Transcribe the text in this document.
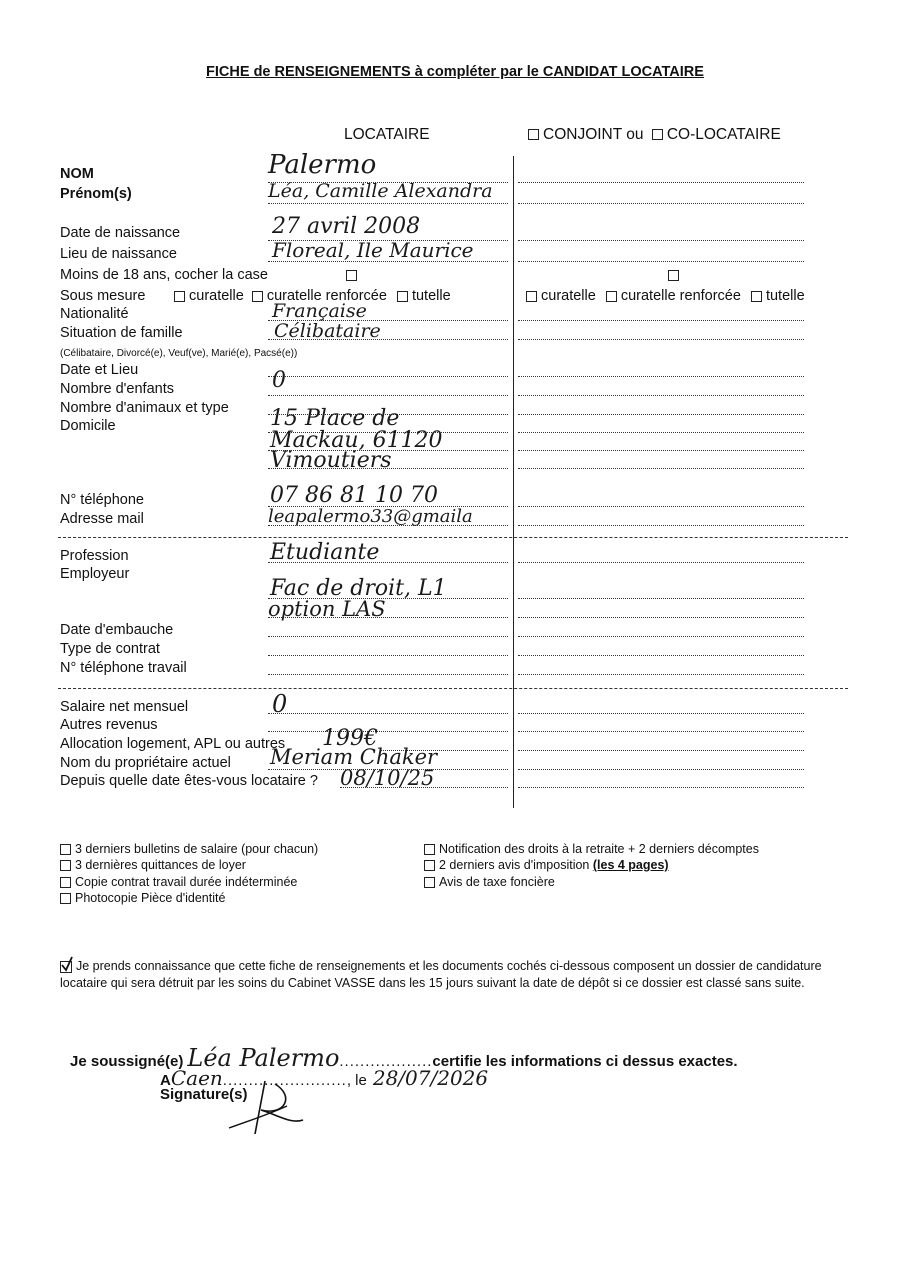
FICHE de RENSEIGNEMENTS à compléter par le CANDIDAT LOCATAIRE
LOCATAIRE	CONJOINT ou CO-LOCATAIRE
NOM
Prénom(s)
Date de naissance
Lieu de naissance
Moins de 18 ans, cocher la case
Sous mesure
Nationalité
Situation de famille
(Célibataire, Divorcé(e), Veuf(ve), Marié(e), Pacsé(e))
Date et Lieu
Nombre d'enfants
Nombre d'animaux et type
Domicile
N° téléphone
Adresse mail
Profession
Employeur
Date d'embauche
Type de contrat
N° téléphone travail
Salaire net mensuel
Autres revenus
Allocation logement, APL ou autres
Nom du propriétaire actuel
Depuis quelle date êtes-vous locataire ?
curatelle curatelle renforcée tutelle	curatelle curatelle renforcée tutelle
Palermo
Léa, Camille Alexandra
27 avril 2008
Floreal, Ile Maurice
Française
Célibataire
0
15 Place de
Mackau, 61120
Vimoutiers
07 86 81 10 70
leapalermo33@gmaila
Etudiante
Fac de droit, L1
option LAS
0
199€
Meriam Chaker
08/10/25
3 derniers bulletins de salaire (pour chacun)
3 dernières quittances de loyer
Copie contrat travail durée indéterminée
Photocopie Pièce d'identité
Notification des droits à la retraite + 2 derniers décomptes
2 derniers avis d'imposition (les 4 pages)
Avis de taxe foncière
Je prends connaissance que cette fiche de renseignements et les documents cochés ci-dessous composent un dossier de candidature locataire qui sera détruit par les soins du Cabinet VASSE dans les 15 jours suivant la date de dépôt si ce dossier est classé sans suite.
Je soussigné(e) Léa Palermo..................certifie les informations ci dessus exactes.
ACaen........................, le 28/07/2026
Signature(s)
